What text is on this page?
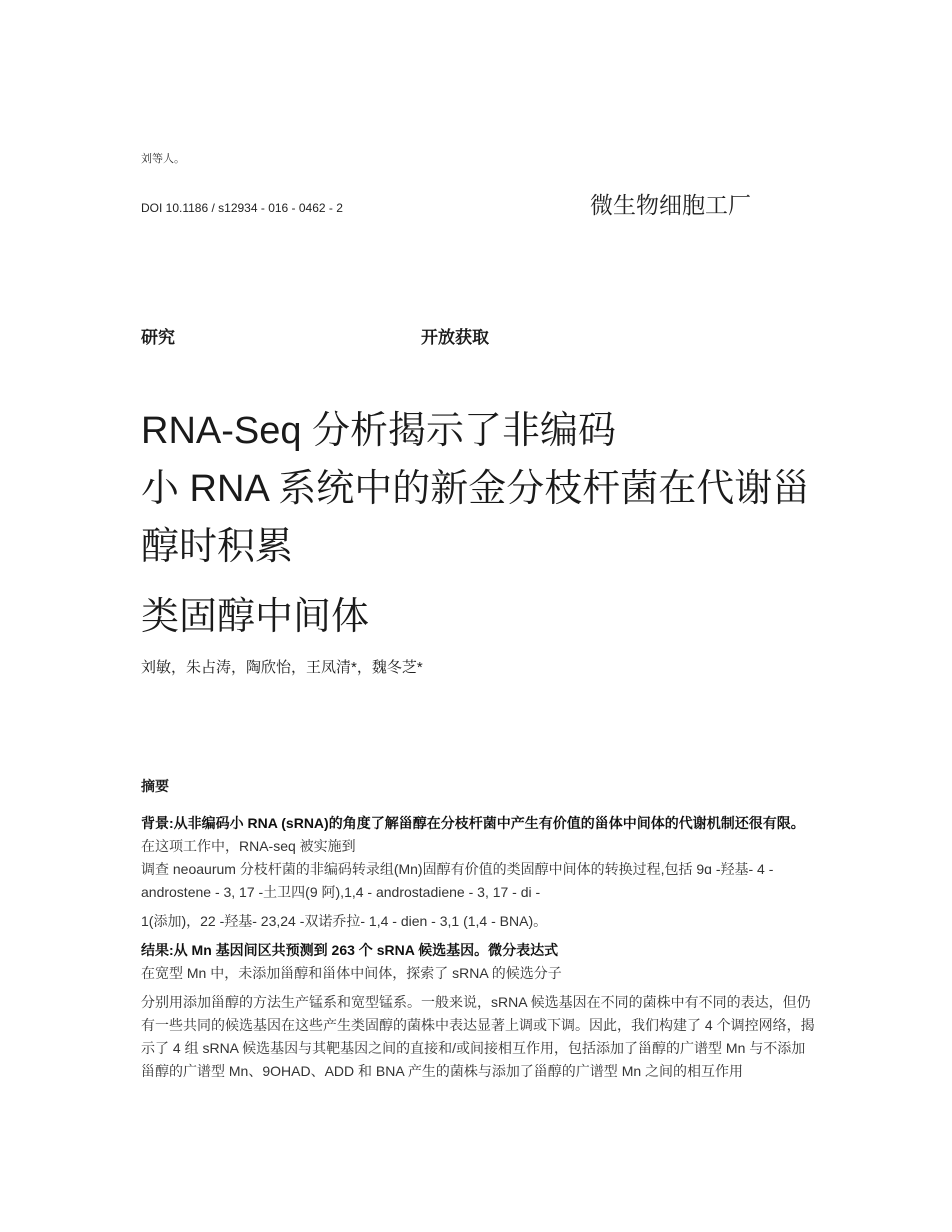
刘等人。
DOI 10.1186 / s12934 - 016 - 0462 - 2	微生物细胞工厂
研究	开放获取
RNA-Seq 分析揭示了非编码
小 RNA 系统中的新金分枝杆菌在代谢甾
醇时积累
类固醇中间体
刘敏，朱占涛，陶欣怡，王凤清*，魏冬芝*
摘要

背景:从非编码小 RNA (sRNA)的角度了解甾醇在分枝杆菌中产生有价值的甾体中间体的代谢机制还很有限。在这项工作中，RNA-seq 被实施到

调查 neoaurum 分枝杆菌的非编码转录组(Mn)固醇有价值的类固醇中间体的转换过程,包括 9ɑ -羟基- 4 - androstene - 3, 17 -土卫四(9 阿),1,4 - androstadiene - 3, 17 - di -

1(添加)，22 -羟基- 23,24 -双诺乔拉- 1,4 - dien - 3,1 (1,4 - BNA)。

结果:从 Mn 基因间区共预测到 263 个 sRNA 候选基因。微分表达式

在宽型 Mn 中，未添加甾醇和甾体中间体，探索了 sRNA 的候选分子

分别用添加甾醇的方法生产锰系和宽型锰系。一般来说，sRNA 候选基因在不同的菌株中有不同的表达，但仍有一些共同的候选基因在这些产生类固醇的菌株中表达显著上调或下调。因此，我们构建了 4 个调控网络，揭示了 4 组 sRNA 候选基因与其靶基因之间的直接和/或间接相互作用，包括添加了甾醇的广谱型 Mn 与不添加甾醇的广谱型 Mn、9OHAD、ADD 和 BNA 产生的菌株与添加了甾醇的广谱型 Mn 之间的相互作用
